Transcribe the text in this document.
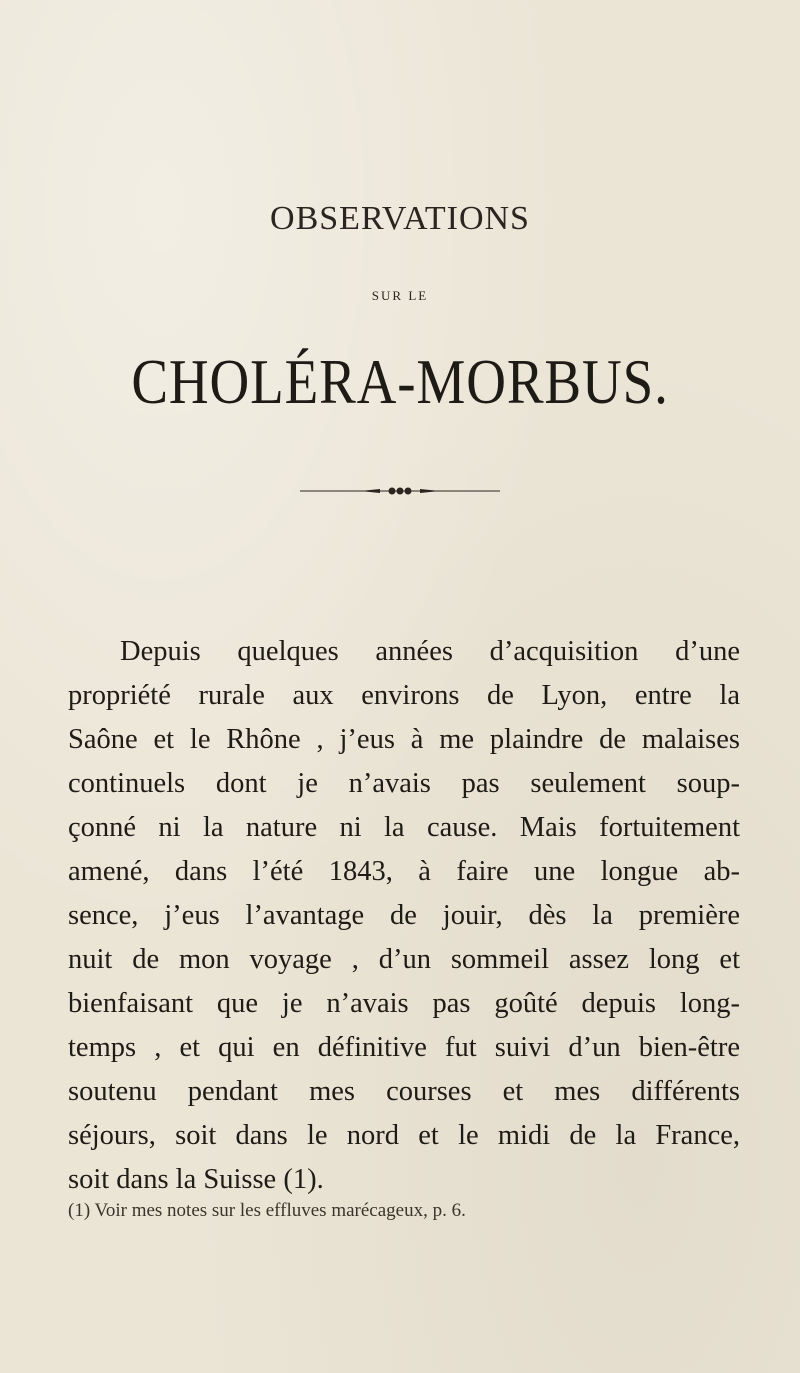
OBSERVATIONS
SUR LE
CHOLÉRA-MORBUS.
Depuis quelques années d’acquisition d’une
propriété rurale aux environs de Lyon, entre la
Saône et le Rhône , j’eus à me plaindre de malaises
continuels dont je n’avais pas seulement soup-
çonné ni la nature ni la cause. Mais fortuitement
amené, dans l’été 1843, à faire une longue ab-
sence, j’eus l’avantage de jouir, dès la première
nuit de mon voyage , d’un sommeil assez long et
bienfaisant que je n’avais pas goûté depuis long-
temps , et qui en définitive fut suivi d’un bien-être
soutenu pendant mes courses et mes différents
séjours, soit dans le nord et le midi de la France,
soit dans la Suisse (1).
(1) Voir mes notes sur les effluves marécageux, p. 6.
